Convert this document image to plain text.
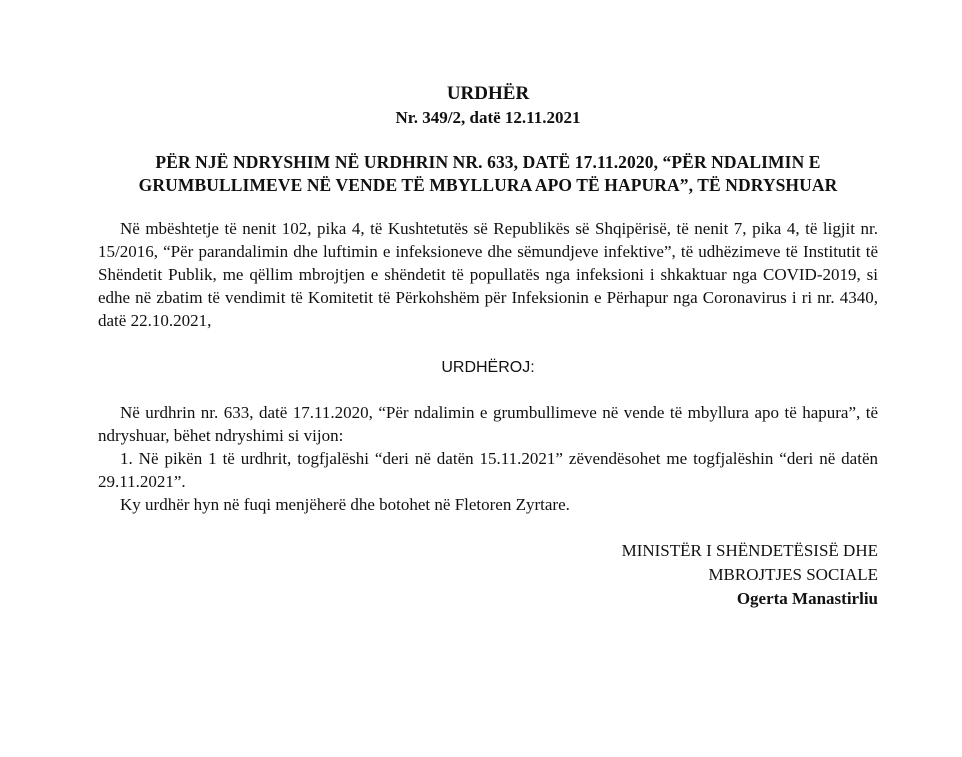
URDHËR

Nr. 349/2, datë 12.11.2021

PËR NJË NDRYSHIM NË URDHRIN NR. 633, DATË 17.11.2020, “PËR NDALIMIN E GRUMBULLIMEVE NË VENDE TË MBYLLURA APO TË HAPURA”, TË NDRYSHUAR

Në mbështetje të nenit 102, pika 4, të Kushtetutës së Republikës së Shqipërisë, të nenit 7, pika 4, të ligjit nr. 15/2016, “Për parandalimin dhe luftimin e infeksioneve dhe sëmundjeve infektive”, të udhëzimeve të Institutit të Shëndetit Publik, me qëllim mbrojtjen e shëndetit të popullatës nga infeksioni i shkaktuar nga COVID-2019, si edhe në zbatim të vendimit të Komitetit të Përkohshëm për Infeksionin e Përhapur nga Coronavirus i ri nr. 4340, datë 22.10.2021,

URDHËROJ:

Në urdhrin nr. 633, datë 17.11.2020, “Për ndalimin e grumbullimeve në vende të mbyllura apo të hapura”, të ndryshuar, bëhet ndryshimi si vijon:

1. Në pikën 1 të urdhrit, togfjalëshi “deri në datën 15.11.2021” zëvendësohet me togfjalëshin “deri në datën 29.11.2021”.

Ky urdhër hyn në fuqi menjëherë dhe botohet në Fletoren Zyrtare.

MINISTËR I SHËNDETËSISË DHE
MBROJTJES SOCIALE
Ogerta Manastirliu
